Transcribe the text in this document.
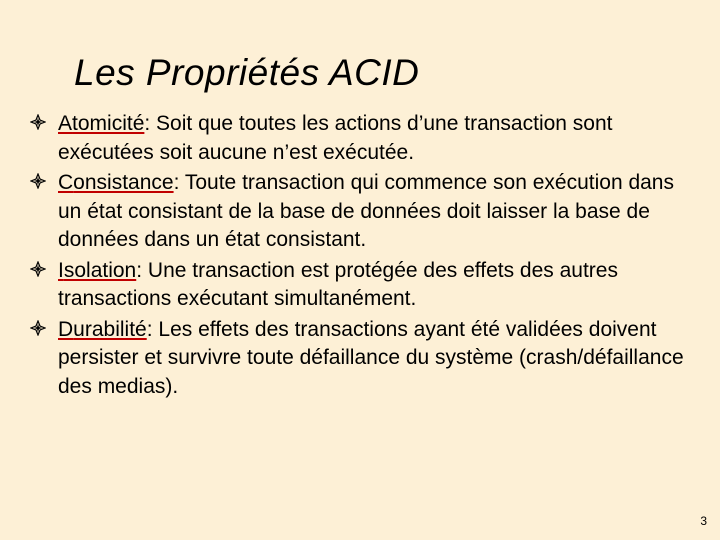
Les Propriétés ACID
Atomicité: Soit que toutes les actions d’une transaction sont exécutées soit aucune n’est exécutée.
Consistance: Toute transaction qui commence son exécution dans un état consistant de la base de données doit laisser la base de données dans un état consistant.
Isolation: Une transaction est protégée des effets des autres transactions exécutant simultanément.
Durabilité: Les effets des transactions ayant été validées doivent persister et survivre toute défaillance du système (crash/défaillance des medias).
3
